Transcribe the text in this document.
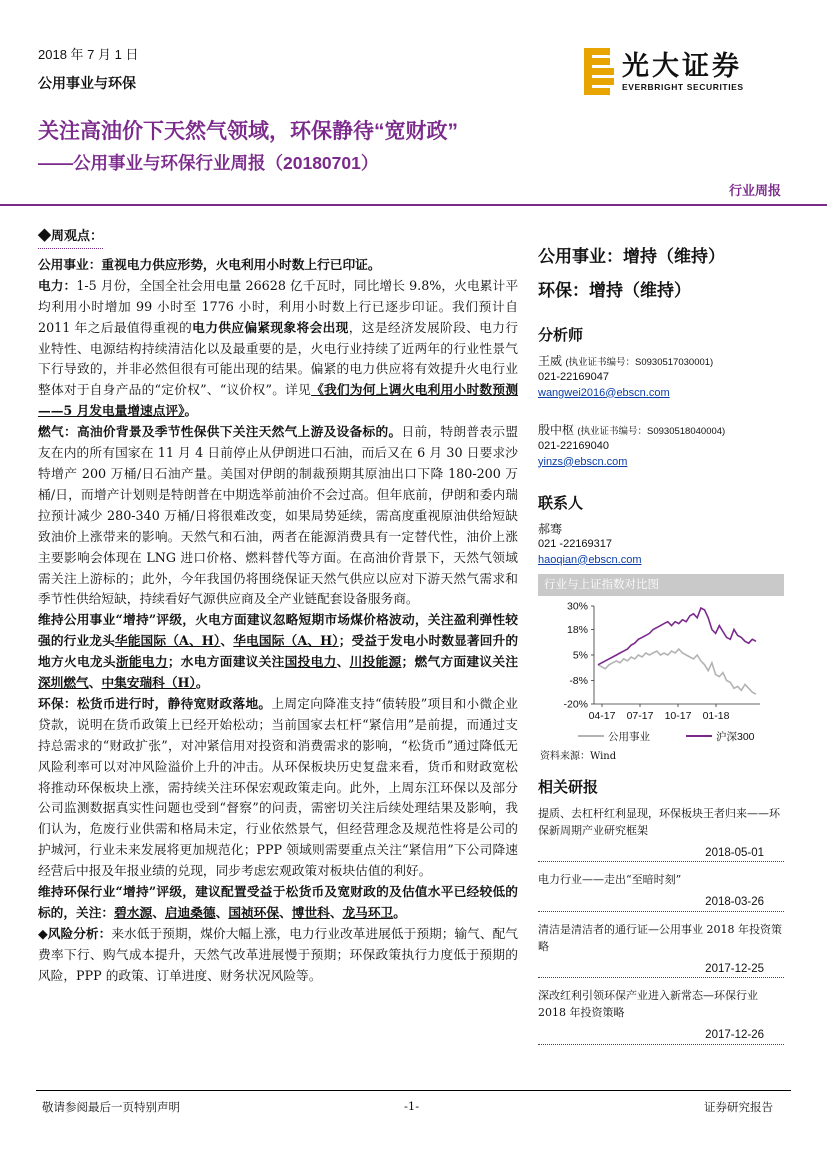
2018 年 7 月 1 日
公用事业与环保
光大证券
EVERBRIGHT SECURITIES
关注高油价下天然气领域，环保静待“宽财政”
——公用事业与环保行业周报（20180701）
行业周报
◆周观点：

公用事业：重视电力供应形势，火电利用小时数上行已印证。

电力：1-5 月份，全国全社会用电量 26628 亿千瓦时，同比增长 9.8%，火电累计平均利用小时增加 99 小时至 1776 小时，利用小时数上行已逐步印证。我们预计自 2011 年之后最值得重视的电力供应偏紧现象将会出现，这是经济发展阶段、电力行业特性、电源结构持续清洁化以及最重要的是，火电行业持续了近两年的行业性景气下行导致的，并非必然但很有可能出现的结果。偏紧的电力供应将有效提升火电行业整体对于自身产品的“定价权”、“议价权”。详见《我们为何上调火电利用小时数预测——5 月发电量增速点评》。

燃气：高油价背景及季节性保供下关注天然气上游及设备标的。日前，特朗普表示盟友在内的所有国家在 11 月 4 日前停止从伊朗进口石油，而后又在 6 月 30 日要求沙特增产 200 万桶/日石油产量。美国对伊朗的制裁预期其原油出口下降 180-200 万桶/日，而增产计划则是特朗普在中期选举前油价不会过高。但年底前，伊朗和委内瑞拉预计减少 280-340 万桶/日将很难改变，如果局势延续，需高度重视原油供给短缺致油价上涨带来的影响。天然气和石油，两者在能源消费具有一定替代性，油价上涨主要影响会体现在 LNG 进口价格、燃料替代等方面。在高油价背景下，天然气领域需关注上游标的；此外，今年我国仍将围绕保证天然气供应以应对下游天然气需求和季节性供给短缺，持续看好气源供应商及全产业链配套设备服务商。

维持公用事业“增持”评级，火电方面建议忽略短期市场煤价格波动，关注盈利弹性较强的行业龙头华能国际（A、H）、华电国际（A、H）；受益于发电小时数显著回升的地方火电龙头浙能电力；水电方面建议关注国投电力、川投能源；燃气方面建议关注深圳燃气、中集安瑞科（H）。

环保：松货币进行时，静待宽财政落地。上周定向降准支持“债转股”项目和小微企业贷款，说明在货币政策上已经开始松动；当前国家去杠杆“紧信用”是前提，而通过支持总需求的“财政扩张”，对冲紧信用对投资和消费需求的影响，“松货币”通过降低无风险利率可以对冲风险溢价上升的冲击。从环保板块历史复盘来看，货币和财政宽松将推动环保板块上涨，需持续关注环保宏观政策走向。此外，上周东江环保以及部分公司监测数据真实性问题也受到“督察”的问责，需密切关注后续处理结果及影响，我们认为，危废行业供需和格局未定，行业依然景气，但经营理念及规范性将是公司的护城河，行业未来发展将更加规范化；PPP 领域则需要重点关注“紧信用”下公司降速经营后中报及年报业绩的兑现，同步考虑宏观政策对板块估值的利好。

维持环保行业“增持”评级，建议配置受益于松货币及宽财政的及估值水平已经较低的标的，关注：碧水源、启迪桑德、国祯环保、博世科、龙马环卫。

◆风险分析：来水低于预期，煤价大幅上涨，电力行业改革进展低于预期；输气、配气费率下行、购气成本提升，天然气改革进展慢于预期；环保政策执行力度低于预期的风险，PPP 的政策、订单进度、财务状况风险等。

公用事业：增持（维持）
环保：增持（维持）
分析师
王威 (执业证书编号：S0930517030001)
021-22169047
wangwei2016@ebscn.com
殷中枢 (执业证书编号：S0930518040004)
021-22169040
yinzs@ebscn.com
联系人
郝骞
021 -22169317
haoqian@ebscn.com
行业与上证指数对比图
30%
18%
5%
-8%
-20%
04-17 07-17 10-17 01-18
公用事业	沪深300
资料来源：Wind
相关研报
提质、去杠杆红利显现，环保板块王者归来——环保新周期产业研究框架
2018-05-01
电力行业——走出“至暗时刻”
2018-03-26
清洁是清洁者的通行证—公用事业 2018 年投资策略
2017-12-25
深改红利引领环保产业进入新常态—环保行业 2018 年投资策略
2017-12-26
敬请参阅最后一页特别声明	-1-	证券研究报告
